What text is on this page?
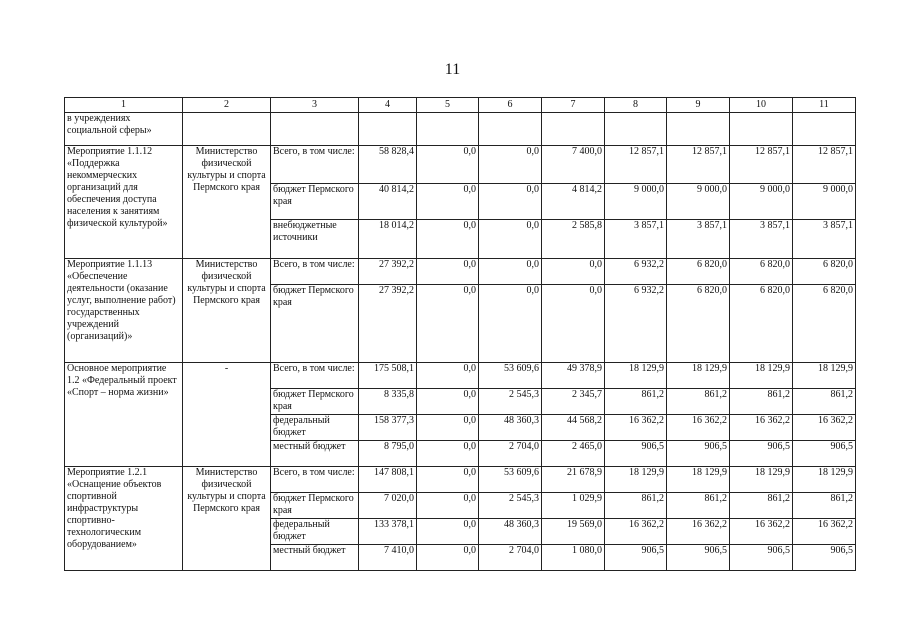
11
1	2	3	4	5	6	7	8	9	10	11
в учреждениях социальной сферы»										
Мероприятие 1.1.12 «Поддержка некоммерческих организаций для обеспечения доступа населения к занятиям физической культурой»	Министерство физической культуры и спорта Пермского края	Всего, в том числе:	58 828,4	0,0	0,0	7 400,0	12 857,1	12 857,1	12 857,1	12 857,1
		бюджет Пермского края	40 814,2	0,0	0,0	4 814,2	9 000,0	9 000,0	9 000,0	9 000,0
		внебюджетные источники	18 014,2	0,0	0,0	2 585,8	3 857,1	3 857,1	3 857,1	3 857,1
Мероприятие 1.1.13 «Обеспечение деятельности (оказание услуг, выполнение работ) государственных учреждений (организаций)»	Министерство физической культуры и спорта Пермского края	Всего, в том числе:	27 392,2	0,0	0,0	0,0	6 932,2	6 820,0	6 820,0	6 820,0
		бюджет Пермского края	27 392,2	0,0	0,0	0,0	6 932,2	6 820,0	6 820,0	6 820,0
Основное мероприятие 1.2 «Федеральный проект «Спорт – норма жизни»	-	Всего, в том числе:	175 508,1	0,0	53 609,6	49 378,9	18 129,9	18 129,9	18 129,9	18 129,9
		бюджет Пермского края	8 335,8	0,0	2 545,3	2 345,7	861,2	861,2	861,2	861,2
		федеральный бюджет	158 377,3	0,0	48 360,3	44 568,2	16 362,2	16 362,2	16 362,2	16 362,2
		местный бюджет	8 795,0	0,0	2 704,0	2 465,0	906,5	906,5	906,5	906,5
Мероприятие 1.2.1 «Оснащение объектов спортивной инфраструктуры спортивно-технологическим оборудованием»	Министерство физической культуры и спорта Пермского края	Всего, в том числе:	147 808,1	0,0	53 609,6	21 678,9	18 129,9	18 129,9	18 129,9	18 129,9
		бюджет Пермского края	7 020,0	0,0	2 545,3	1 029,9	861,2	861,2	861,2	861,2
		федеральный бюджет	133 378,1	0,0	48 360,3	19 569,0	16 362,2	16 362,2	16 362,2	16 362,2
		местный бюджет	7 410,0	0,0	2 704,0	1 080,0	906,5	906,5	906,5	906,5
